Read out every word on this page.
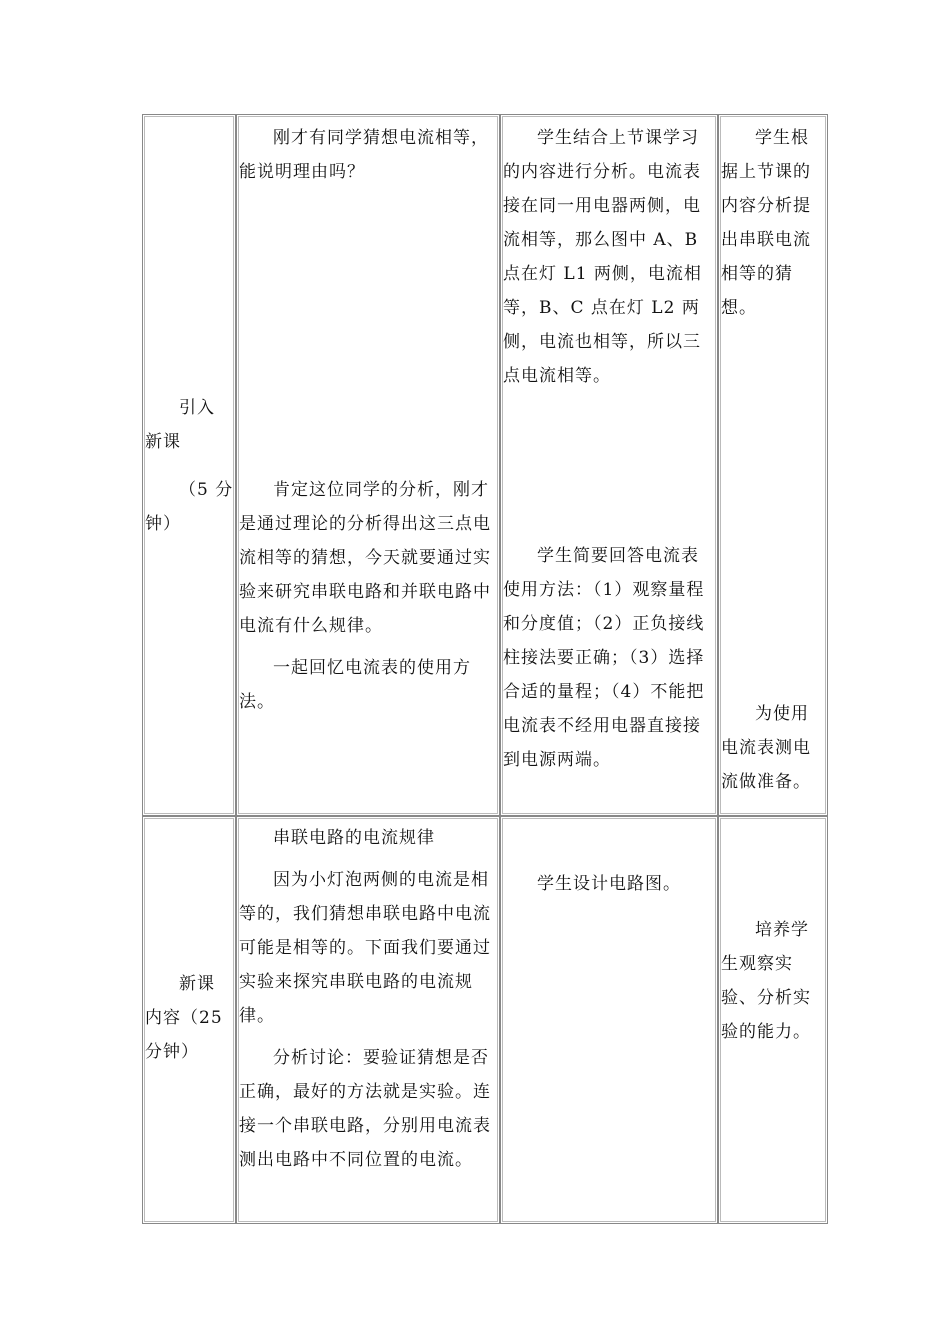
引入
新课
（5 分
钟）

刚才有同学猜想电流相等，能说明理由吗？

肯定这位同学的分析，刚才是通过理论的分析得出这三点电流相等的猜想，今天就要通过实验来研究串联电路和并联电路中电流有什么规律。

一起回忆电流表的使用方法。

学生结合上节课学习的内容进行分析。电流表接在同一用电器两侧，电流相等，那么图中 A、B 点在灯 L1 两侧，电流相等，B、C 点在灯 L2 两侧，电流也相等，所以三点电流相等。

学生简要回答电流表使用方法：（1）观察量程和分度值；（2）正负接线柱接法要正确；（3）选择合适的量程；（4）不能把电流表不经用电器直接接到电源两端。

学生根据上节课的内容分析提出串联电流相等的猜想。

为使用电流表测电流做准备。

新课
内容（25
分钟）

串联电路的电流规律

因为小灯泡两侧的电流是相等的，我们猜想串联电路中电流可能是相等的。下面我们要通过实验来探究串联电路的电流规律。

分析讨论：要验证猜想是否正确，最好的方法就是实验。连接一个串联电路，分别用电流表测出电路中不同位置的电流。

学生设计电路图。

培养学生观察实验、分析实验的能力。
